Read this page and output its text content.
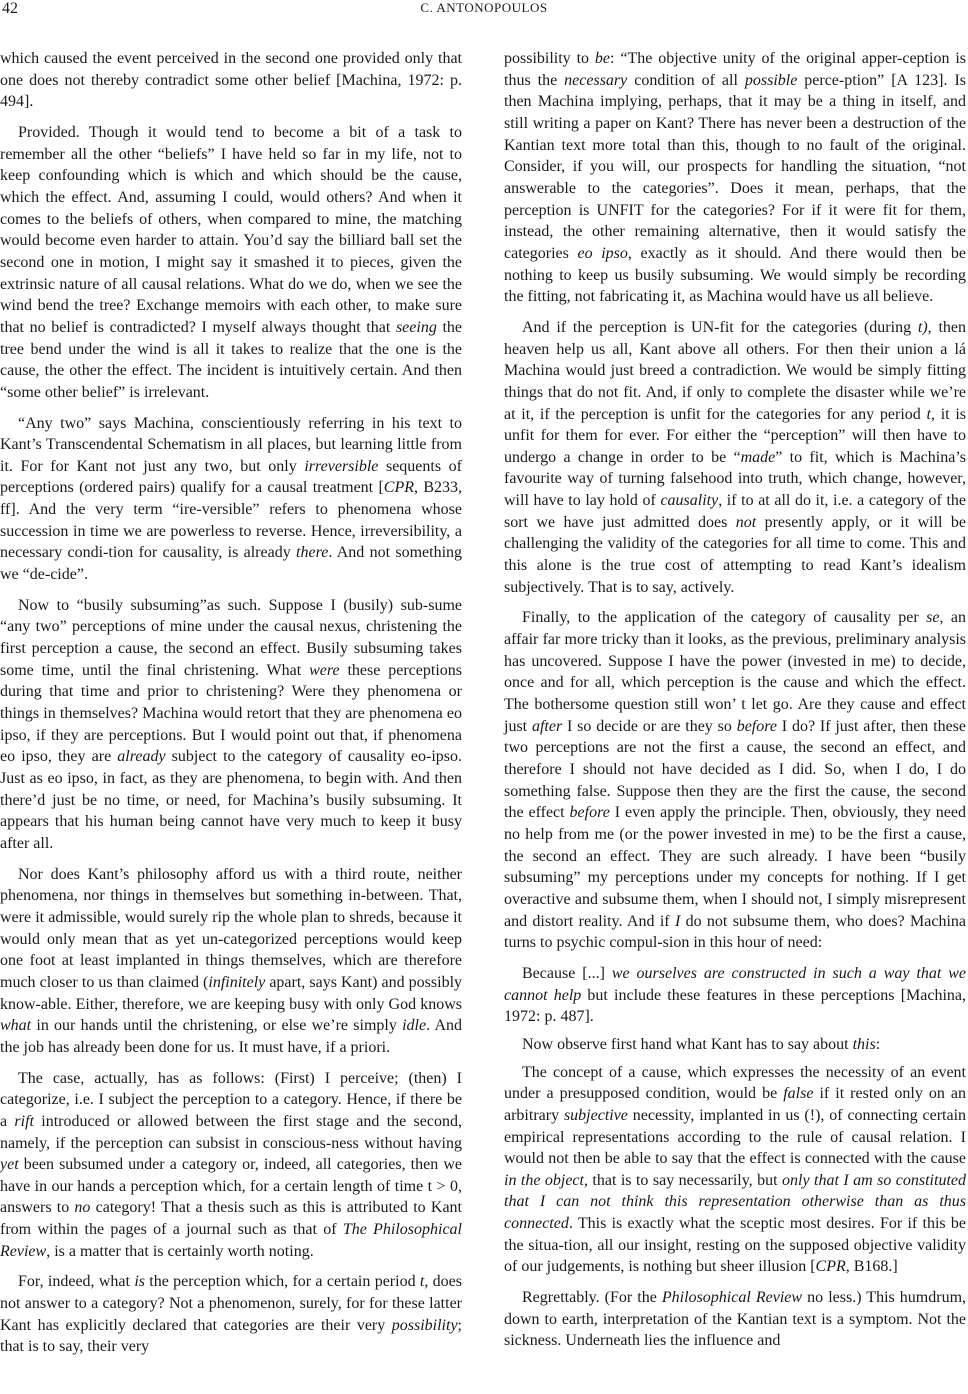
42	C. ANTONOPOULOS

which caused the event perceived in the second one provided only that one does not thereby contradict some other belief [Machina, 1972: p. 494].

Provided. Though it would tend to become a bit of a task to remember all the other “beliefs” I have held so far in my life, not to keep confounding which is which and which should be the cause, which the effect. And, assuming I could, would others? And when it comes to the beliefs of others, when compared to mine, the matching would become even harder to attain. You’d say the billiard ball set the second one in motion, I might say it smashed it to pieces, given the extrinsic nature of all causal relations. What do we do, when we see the wind bend the tree? Exchange memoirs with each other, to make sure that no belief is contradicted? I myself always thought that seeing the tree bend under the wind is all it takes to realize that the one is the cause, the other the effect. The incident is intuitively certain. And then “some other belief” is irrelevant.

“Any two” says Machina, conscientiously referring in his text to Kant’s Transcendental Schematism in all places, but learning little from it. For for Kant not just any two, but only irreversible sequents of perceptions (ordered pairs) qualify for a causal treatment [CPR, B233, ff]. And the very term “ire-versible” refers to phenomena whose succession in time we are powerless to reverse. Hence, irreversibility, a necessary condi-tion for causality, is already there. And not something we “de-cide”.

Now to “busily subsuming”as such. Suppose I (busily) sub-sume “any two” perceptions of mine under the causal nexus, christening the first perception a cause, the second an effect. Busily subsuming takes some time, until the final christening. What were these perceptions during that time and prior to christening? Were they phenomena or things in themselves? Machina would retort that they are phenomena eo ipso, if they are perceptions. But I would point out that, if phenomena eo ipso, they are already subject to the category of causality eo-ipso. Just as eo ipso, in fact, as they are phenomena, to begin with. And then there’d just be no time, or need, for Machina’s busily subsuming. It appears that his human being cannot have very much to keep it busy after all.

Nor does Kant’s philosophy afford us with a third route, neither phenomena, nor things in themselves but something in-between. That, were it admissible, would surely rip the whole plan to shreds, because it would only mean that as yet un-categorized perceptions would keep one foot at least implanted in things themselves, which are therefore much closer to us than claimed (infinitely apart, says Kant) and possibly know-able. Either, therefore, we are keeping busy with only God knows what in our hands until the christening, or else we’re simply idle. And the job has already been done for us. It must have, if a priori.

The case, actually, has as follows: (First) I perceive; (then) I categorize, i.e. I subject the perception to a category. Hence, if there be a rift introduced or allowed between the first stage and the second, namely, if the perception can subsist in conscious-ness without having yet been subsumed under a category or, indeed, all categories, then we have in our hands a perception which, for a certain length of time t > 0, answers to no category! That a thesis such as this is attributed to Kant from within the pages of a journal such as that of The Philosophical Review, is a matter that is certainly worth noting.

For, indeed, what is the perception which, for a certain period t, does not answer to a category? Not a phenomenon, surely, for for these latter Kant has explicitly declared that categories are their very possibility; that is to say, their very

possibility to be: “The objective unity of the original apper-ception is thus the necessary condition of all possible perce-ption” [A 123]. Is then Machina implying, perhaps, that it may be a thing in itself, and still writing a paper on Kant? There has never been a destruction of the Kantian text more total than this, though to no fault of the original. Consider, if you will, our prospects for handling the situation, “not answerable to the categories”. Does it mean, perhaps, that the perception is UNFIT for the categories? For if it were fit for them, instead, the other remaining alternative, then it would satisfy the categories eo ipso, exactly as it should. And there would then be nothing to keep us busily subsuming. We would simply be recording the fitting, not fabricating it, as Machina would have us all believe.

And if the perception is UN-fit for the categories (during t), then heaven help us all, Kant above all others. For then their union a lá Machina would just breed a contradiction. We would be simply fitting things that do not fit. And, if only to complete the disaster while we’re at it, if the perception is unfit for the categories for any period t, it is unfit for them for ever. For either the “perception” will then have to undergo a change in order to be “made” to fit, which is Machina’s favourite way of turning falsehood into truth, which change, however, will have to lay hold of causality, if to at all do it, i.e. a category of the sort we have just admitted does not presently apply, or it will be challenging the validity of the categories for all time to come. This and this alone is the true cost of attempting to read Kant’s idealism subjectively. That is to say, actively.

Finally, to the application of the category of causality per se, an affair far more tricky than it looks, as the previous, preliminary analysis has uncovered. Suppose I have the power (invested in me) to decide, once and for all, which perception is the cause and which the effect. The bothersome question still won’ t let go. Are they cause and effect just after I so decide or are they so before I do? If just after, then these two perceptions are not the first a cause, the second an effect, and therefore I should not have decided as I did. So, when I do, I do something false. Suppose then they are the first the cause, the second the effect before I even apply the principle. Then, obviously, they need no help from me (or the power invested in me) to be the first a cause, the second an effect. They are such already. I have been “busily subsuming” my perceptions under my concepts for nothing. If I get overactive and subsume them, when I should not, I simply misrepresent and distort reality. And if I do not subsume them, who does? Machina turns to psychic compul-sion in this hour of need:

Because [...] we ourselves are constructed in such a way that we cannot help but include these features in these perceptions [Machina, 1972: p. 487].

Now observe first hand what Kant has to say about this:

The concept of a cause, which expresses the necessity of an event under a presupposed condition, would be false if it rested only on an arbitrary subjective necessity, implanted in us (!), of connecting certain empirical representations according to the rule of causal relation. I would not then be able to say that the effect is connected with the cause in the object, that is to say necessarily, but only that I am so constituted that I can not think this representation otherwise than as thus connected. This is exactly what the sceptic most desires. For if this be the situa-tion, all our insight, resting on the supposed objective validity of our judgements, is nothing but sheer illusion [CPR, B168.]

Regrettably. (For the Philosophical Review no less.) This humdrum, down to earth, interpretation of the Kantian text is a symptom. Not the sickness. Underneath lies the influence and
